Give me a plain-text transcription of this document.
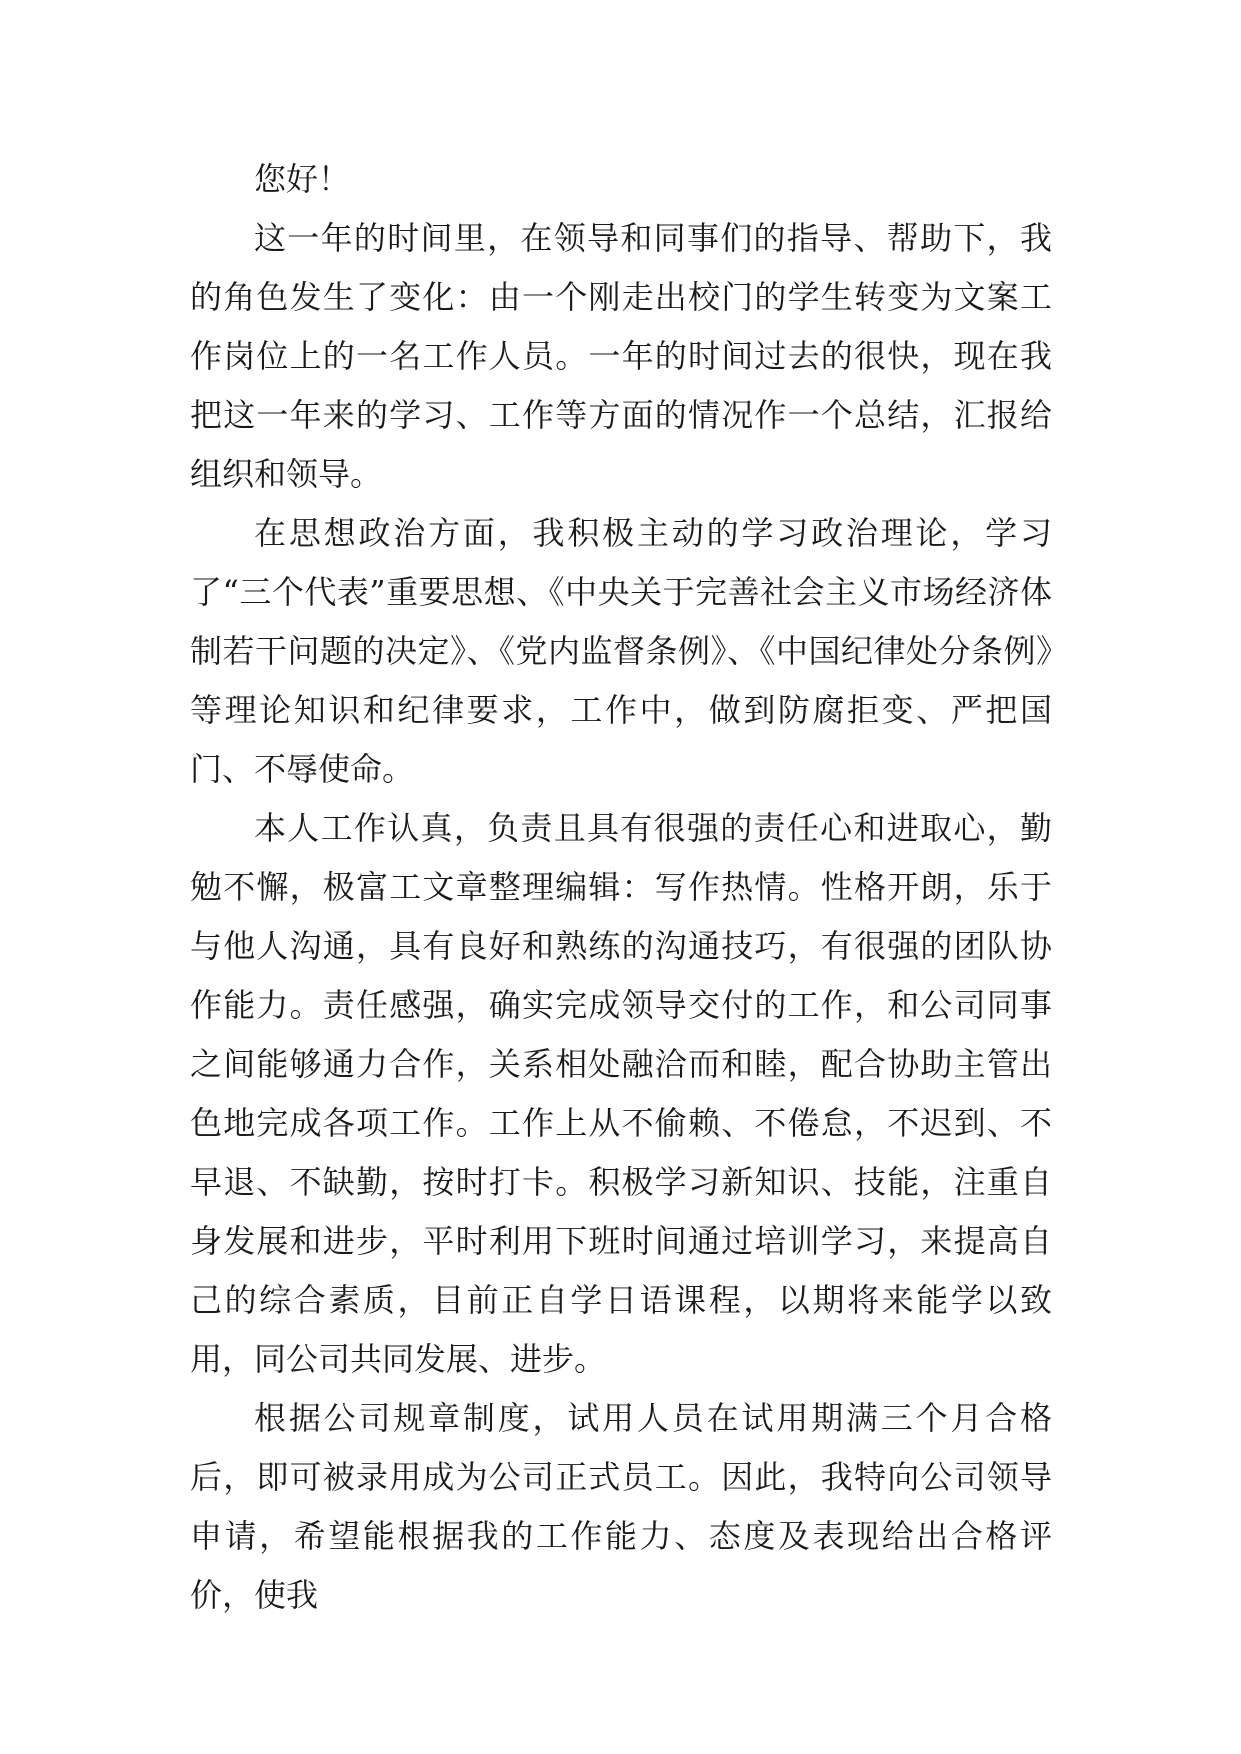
您好！

这一年的时间里，在领导和同事们的指导、帮助下，我的角色发生了变化：由一个刚走出校门的学生转变为文案工作岗位上的一名工作人员。一年的时间过去的很快，现在我把这一年来的学习、工作等方面的情况作一个总结，汇报给组织和领导。

在思想政治方面，我积极主动的学习政治理论，学习了“三个代表”重要思想、《中央关于完善社会主义市场经济体制若干问题的决定》、《党内监督条例》、《中国纪律处分条例》等理论知识和纪律要求，工作中，做到防腐拒变、严把国门、不辱使命。

本人工作认真，负责且具有很强的责任心和进取心，勤勉不懈，极富工文章整理编辑：写作热情。性格开朗，乐于与他人沟通，具有良好和熟练的沟通技巧，有很强的团队协作能力。责任感强，确实完成领导交付的工作，和公司同事之间能够通力合作，关系相处融洽而和睦，配合协助主管出色地完成各项工作。工作上从不偷赖、不倦怠，不迟到、不早退、不缺勤，按时打卡。积极学习新知识、技能，注重自身发展和进步，平时利用下班时间通过培训学习，来提高自己的综合素质，目前正自学日语课程，以期将来能学以致用，同公司共同发展、进步。

根据公司规章制度，试用人员在试用期满三个月合格后，即可被录用成为公司正式员工。因此，我特向公司领导申请，希望能根据我的工作能力、态度及表现给出合格评价，使我
